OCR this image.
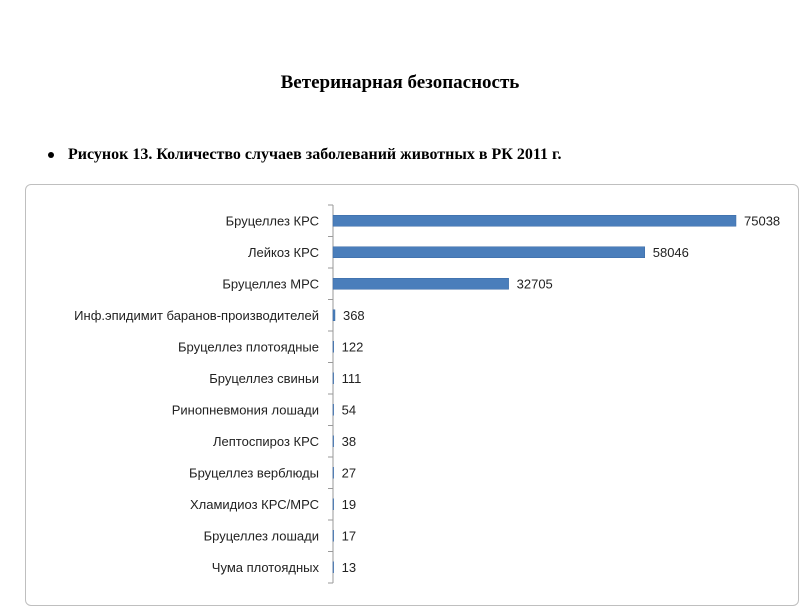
Ветеринарная безопасность

Рисунок 13. Количество случаев заболеваний животных в РК 2011 г.

Бруцеллез КРС	75038
Лейкоз КРС	58046
Бруцеллез МРС	32705
Инф.эпидимит баранов-производителей 368
Бруцеллез плотоядные 122
Бруцеллез свиньи 111
Ринопневмония лошади 54
Лептоспироз КРС 38
Бруцеллез верблюды 27
Хламидиоз КРС/МРС 19
Бруцеллез лошади 17
Чума плотоядных 13
